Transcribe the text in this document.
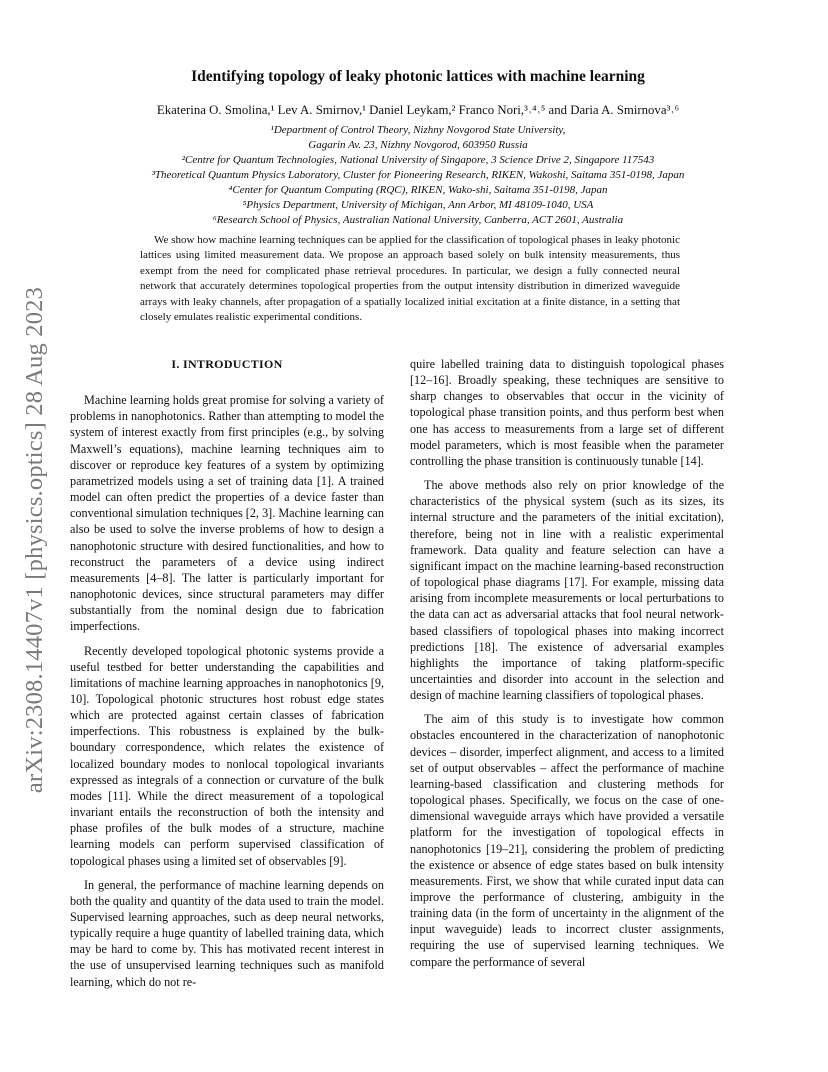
arXiv:2308.14407v1 [physics.optics] 28 Aug 2023
Identifying topology of leaky photonic lattices with machine learning
Ekaterina O. Smolina,¹ Lev A. Smirnov,¹ Daniel Leykam,² Franco Nori,³˒⁴˒⁵ and Daria A. Smirnova³˒⁶
¹Department of Control Theory, Nizhny Novgorod State University,
Gagarin Av. 23, Nizhny Novgorod, 603950 Russia
²Centre for Quantum Technologies, National University of Singapore, 3 Science Drive 2, Singapore 117543
³Theoretical Quantum Physics Laboratory, Cluster for Pioneering Research, RIKEN, Wakoshi, Saitama 351-0198, Japan
⁴Center for Quantum Computing (RQC), RIKEN, Wako-shi, Saitama 351-0198, Japan
⁵Physics Department, University of Michigan, Ann Arbor, MI 48109-1040, USA
⁶Research School of Physics, Australian National University, Canberra, ACT 2601, Australia

We show how machine learning techniques can be applied for the classification of topological phases in leaky photonic lattices using limited measurement data. We propose an approach based solely on bulk intensity measurements, thus exempt from the need for complicated phase retrieval procedures. In particular, we design a fully connected neural network that accurately determines topological properties from the output intensity distribution in dimerized waveguide arrays with leaky channels, after propagation of a spatially localized initial excitation at a finite distance, in a setting that closely emulates realistic experimental conditions.

I. INTRODUCTION

Machine learning holds great promise for solving a variety of problems in nanophotonics. Rather than attempting to model the system of interest exactly from first principles (e.g., by solving Maxwell’s equations), machine learning techniques aim to discover or reproduce key features of a system by optimizing parametrized models using a set of training data [1]. A trained model can often predict the properties of a device faster than conventional simulation techniques [2, 3]. Machine learning can also be used to solve the inverse problems of how to design a nanophotonic structure with desired functionalities, and how to reconstruct the parameters of a device using indirect measurements [4–8]. The latter is particularly important for nanophotonic devices, since structural parameters may differ substantially from the nominal design due to fabrication imperfections.

Recently developed topological photonic systems provide a useful testbed for better understanding the capabilities and limitations of machine learning approaches in nanophotonics [9, 10]. Topological photonic structures host robust edge states which are protected against certain classes of fabrication imperfections. This robustness is explained by the bulk-boundary correspondence, which relates the existence of localized boundary modes to nonlocal topological invariants expressed as integrals of a connection or curvature of the bulk modes [11]. While the direct measurement of a topological invariant entails the reconstruction of both the intensity and phase profiles of the bulk modes of a structure, machine learning models can perform supervised classification of topological phases using a limited set of observables [9].

In general, the performance of machine learning depends on both the quality and quantity of the data used to train the model. Supervised learning approaches, such as deep neural networks, typically require a huge quantity of labelled training data, which may be hard to come by. This has motivated recent interest in the use of unsupervised learning techniques such as manifold learning, which do not re-

quire labelled training data to distinguish topological phases [12–16]. Broadly speaking, these techniques are sensitive to sharp changes to observables that occur in the vicinity of topological phase transition points, and thus perform best when one has access to measurements from a large set of different model parameters, which is most feasible when the parameter controlling the phase transition is continuously tunable [14].

The above methods also rely on prior knowledge of the characteristics of the physical system (such as its sizes, its internal structure and the parameters of the initial excitation), therefore, being not in line with a realistic experimental framework. Data quality and feature selection can have a significant impact on the machine learning-based reconstruction of topological phase diagrams [17]. For example, missing data arising from incomplete measurements or local perturbations to the data can act as adversarial attacks that fool neural network-based classifiers of topological phases into making incorrect predictions [18]. The existence of adversarial examples highlights the importance of taking platform-specific uncertainties and disorder into account in the selection and design of machine learning classifiers of topological phases.

The aim of this study is to investigate how common obstacles encountered in the characterization of nanophotonic devices – disorder, imperfect alignment, and access to a limited set of output observables – affect the performance of machine learning-based classification and clustering methods for topological phases. Specifically, we focus on the case of one-dimensional waveguide arrays which have provided a versatile platform for the investigation of topological effects in nanophotonics [19–21], considering the problem of predicting the existence or absence of edge states based on bulk intensity measurements. First, we show that while curated input data can improve the performance of clustering, ambiguity in the training data (in the form of uncertainty in the alignment of the input waveguide) leads to incorrect cluster assignments, requiring the use of supervised learning techniques. We compare the performance of several
